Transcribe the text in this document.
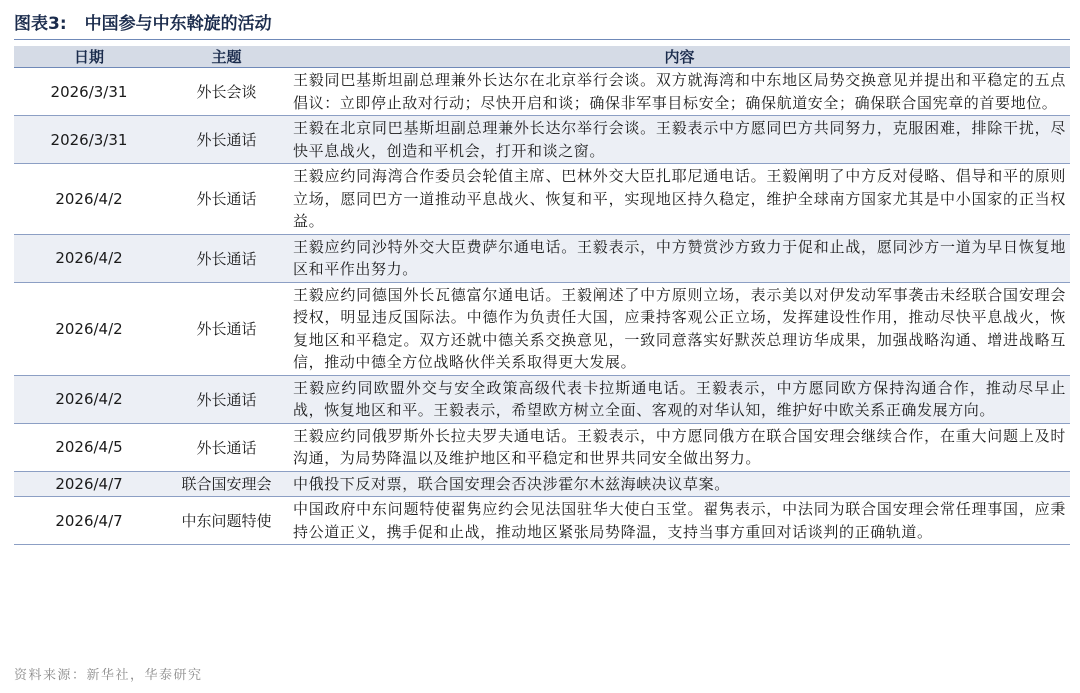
图表3: 中国参与中东斡旋的活动
日期	主题	内容
2026/3/31	外长会谈	王毅同巴基斯坦副总理兼外长达尔在北京举行会谈。双方就海湾和中东地区局势交换意见并提出和平稳定的五点倡议：立即停止敌对行动；尽快开启和谈；确保非军事目标安全；确保航道安全；确保联合国宪章的首要地位。
2026/3/31	外长通话	王毅在北京同巴基斯坦副总理兼外长达尔举行会谈。王毅表示中方愿同巴方共同努力，克服困难，排除干扰，尽快平息战火，创造和平机会，打开和谈之窗。
2026/4/2	外长通话	王毅应约同海湾合作委员会轮值主席、巴林外交大臣扎耶尼通电话。王毅阐明了中方反对侵略、倡导和平的原则立场，愿同巴方一道推动平息战火、恢复和平，实现地区持久稳定，维护全球南方国家尤其是中小国家的正当权益。
2026/4/2	外长通话	王毅应约同沙特外交大臣费萨尔通电话。王毅表示，中方赞赏沙方致力于促和止战，愿同沙方一道为早日恢复地区和平作出努力。
2026/4/2	外长通话	王毅应约同德国外长瓦德富尔通电话。王毅阐述了中方原则立场，表示美以对伊发动军事袭击未经联合国安理会授权，明显违反国际法。中德作为负责任大国，应秉持客观公正立场，发挥建设性作用，推动尽快平息战火，恢复地区和平稳定。双方还就中德关系交换意见，一致同意落实好默茨总理访华成果，加强战略沟通、增进战略互信，推动中德全方位战略伙伴关系取得更大发展。
2026/4/2	外长通话	王毅应约同欧盟外交与安全政策高级代表卡拉斯通电话。王毅表示，中方愿同欧方保持沟通合作，推动尽早止战，恢复地区和平。王毅表示，希望欧方树立全面、客观的对华认知，维护好中欧关系正确发展方向。
2026/4/5	外长通话	王毅应约同俄罗斯外长拉夫罗夫通电话。王毅表示，中方愿同俄方在联合国安理会继续合作，在重大问题上及时沟通，为局势降温以及维护地区和平稳定和世界共同安全做出努力。
2026/4/7	联合国安理会	中俄投下反对票，联合国安理会否决涉霍尔木兹海峡决议草案。
2026/4/7	中东问题特使	中国政府中东问题特使翟隽应约会见法国驻华大使白玉堂。翟隽表示，中法同为联合国安理会常任理事国，应秉持公道正义，携手促和止战，推动地区紧张局势降温，支持当事方重回对话谈判的正确轨道。
资料来源：新华社，华泰研究
